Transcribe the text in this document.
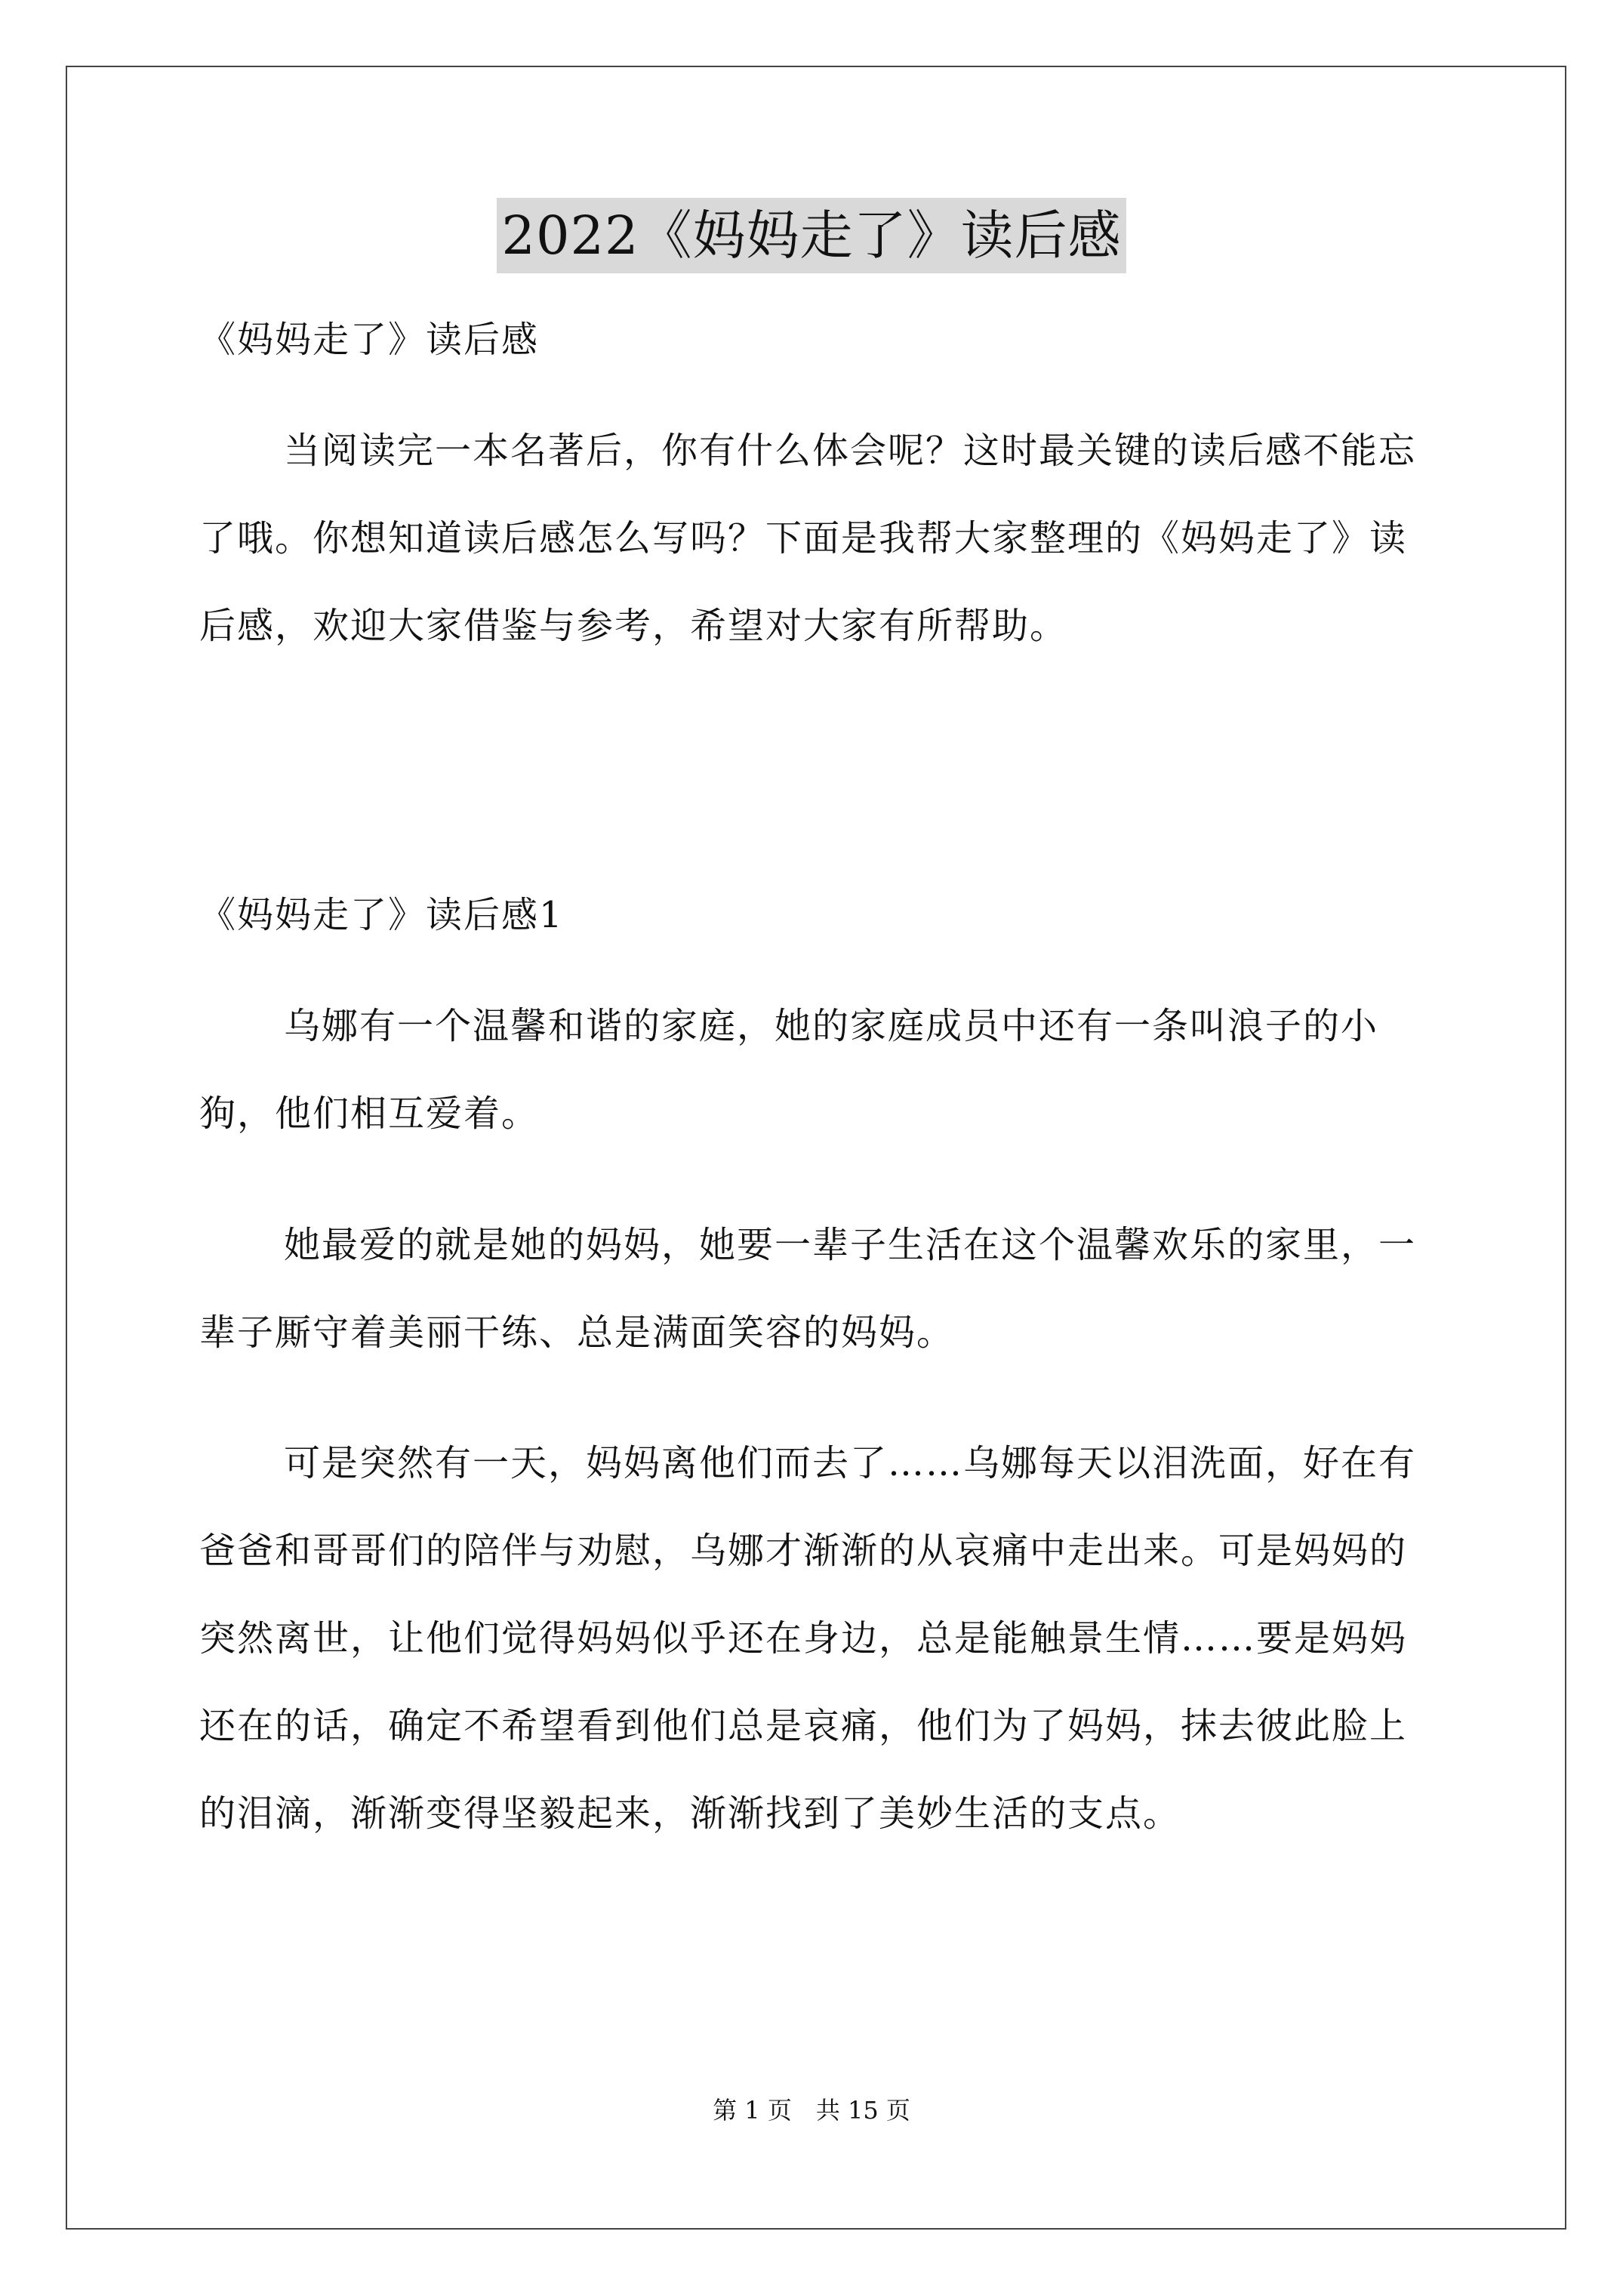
2022《妈妈走了》读后感
《妈妈走了》读后感
当阅读完一本名著后，你有什么体会呢？这时最关键的读后感不能忘了哦。你想知道读后感怎么写吗？下面是我帮大家整理的《妈妈走了》读后感，欢迎大家借鉴与参考，希望对大家有所帮助。
《妈妈走了》读后感1
乌娜有一个温馨和谐的家庭，她的家庭成员中还有一条叫浪子的小狗，他们相互爱着。
她最爱的就是她的妈妈，她要一辈子生活在这个温馨欢乐的家里，一辈子厮守着美丽干练、总是满面笑容的妈妈。
可是突然有一天，妈妈离他们而去了……乌娜每天以泪洗面，好在有爸爸和哥哥们的陪伴与劝慰，乌娜才渐渐的从哀痛中走出来。可是妈妈的突然离世，让他们觉得妈妈似乎还在身边，总是能触景生情……要是妈妈还在的话，确定不希望看到他们总是哀痛，他们为了妈妈，抹去彼此脸上的泪滴，渐渐变得坚毅起来，渐渐找到了美妙生活的支点。
第 1 页　共 15 页
